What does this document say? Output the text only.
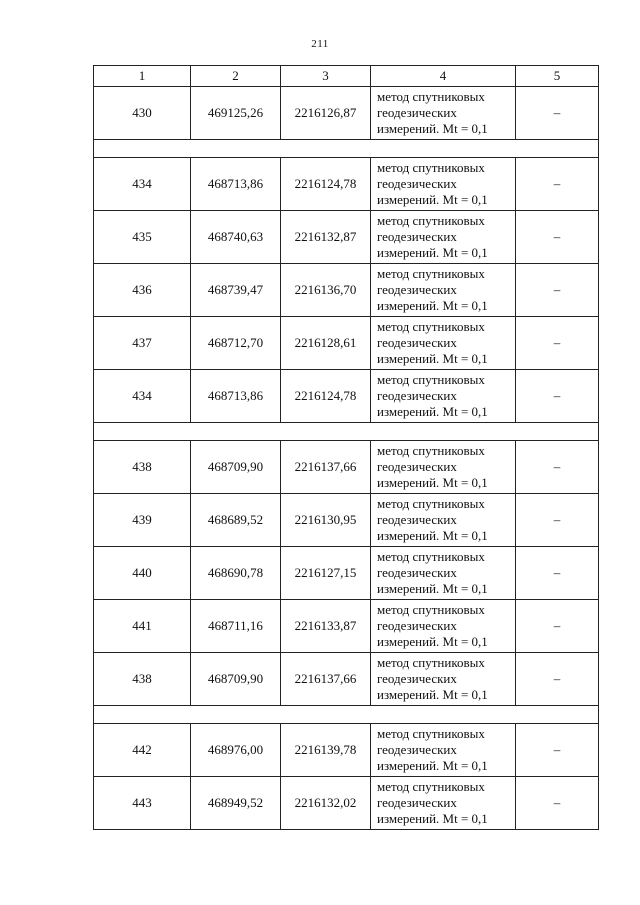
211
1	2	3	4	5
430	469125,26	2216126,87	метод спутниковых геодезических измерений. Mt = 0,1	–

434	468713,86	2216124,78	метод спутниковых геодезических измерений. Mt = 0,1	–
435	468740,63	2216132,87	метод спутниковых геодезических измерений. Mt = 0,1	–
436	468739,47	2216136,70	метод спутниковых геодезических измерений. Mt = 0,1	–
437	468712,70	2216128,61	метод спутниковых геодезических измерений. Mt = 0,1	–
434	468713,86	2216124,78	метод спутниковых геодезических измерений. Mt = 0,1	–

438	468709,90	2216137,66	метод спутниковых геодезических измерений. Mt = 0,1	–
439	468689,52	2216130,95	метод спутниковых геодезических измерений. Mt = 0,1	–
440	468690,78	2216127,15	метод спутниковых геодезических измерений. Mt = 0,1	–
441	468711,16	2216133,87	метод спутниковых геодезических измерений. Mt = 0,1	–
438	468709,90	2216137,66	метод спутниковых геодезических измерений. Mt = 0,1	–

442	468976,00	2216139,78	метод спутниковых геодезических измерений. Mt = 0,1	–
443	468949,52	2216132,02	метод спутниковых геодезических измерений. Mt = 0,1	–
